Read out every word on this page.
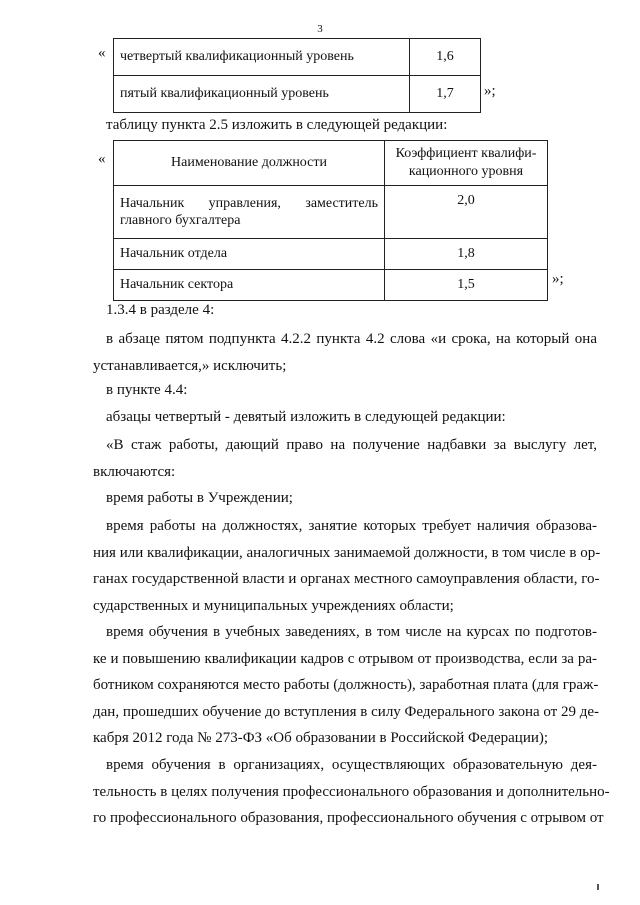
3
« четвертый квалификационный уровень	1,6
пятый квалификационный уровень	1,7 »;
таблицу пункта 2.5 изложить в следующей редакции:
«	Наименование должности	Коэффициент квалифи-
кационного уровня

Начальник управления, заместитель
главного бухгалтера	2,0
Начальник отдела	1,8
Начальник сектора	1,5	»;
1.3.4 в разделе 4:
в абзаце пятом подпункта 4.2.2 пункта 4.2 слова «и срока, на который она
устанавливается,» исключить;
в пункте 4.4:
абзацы четвертый - девятый изложить в следующей редакции:
«В стаж работы, дающий право на получение надбавки за выслугу лет,
включаются:
время работы в Учреждении;
время работы на должностях, занятие которых требует наличия образова-
ния или квалификации, аналогичных занимаемой должности, в том числе в ор-
ганах государственной власти и органах местного самоуправления области, го-
сударственных и муниципальных учреждениях области;
время обучения в учебных заведениях, в том числе на курсах по подготов-
ке и повышению квалификации кадров с отрывом от производства, если за ра-
ботником сохраняются место работы (должность), заработная плата (для граж-
дан, прошедших обучение до вступления в силу Федерального закона от 29 де-
кабря 2012 года № 273-ФЗ «Об образовании в Российской Федерации);
время обучения в организациях, осуществляющих образовательную дея-
тельность в целях получения профессионального образования и дополнительно-
го профессионального образования, профессионального обучения с отрывом от
